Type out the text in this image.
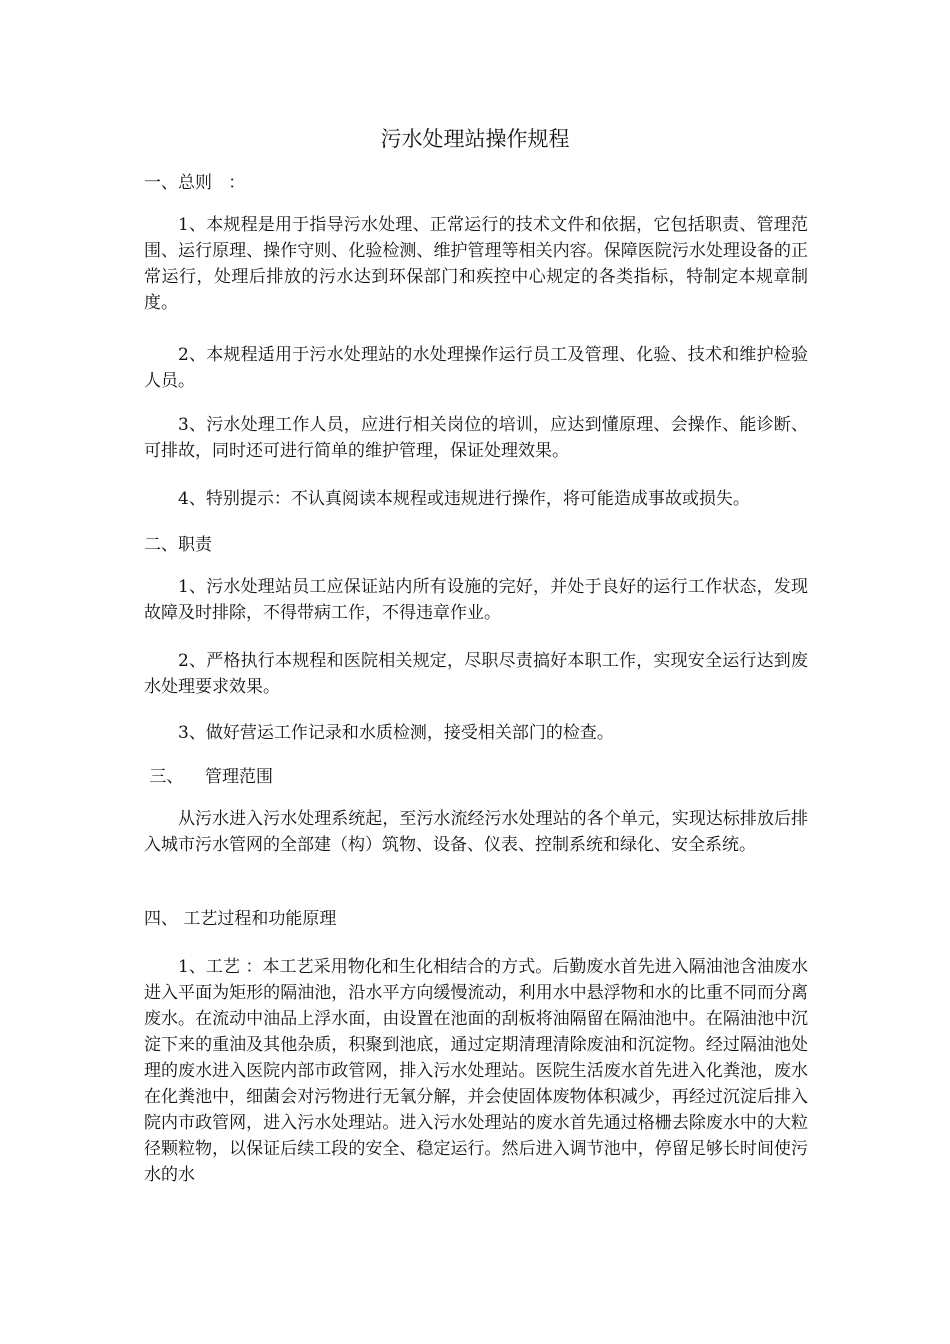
污水处理站操作规程
一、总则   ：
1、本规程是用于指导污水处理、正常运行的技术文件和依据，它包括职责、管理范围、运行原理、操作守则、化验检测、维护管理等相关内容。保障医院污水处理设备的正常运行，处理后排放的污水达到环保部门和疾控中心规定的各类指标，特制定本规章制度。
2、本规程适用于污水处理站的水处理操作运行员工及管理、化验、技术和维护检验人员。
3、污水处理工作人员，应进行相关岗位的培训，应达到懂原理、会操作、能诊断、可排故，同时还可进行简单的维护管理，保证处理效果。
4、特别提示：不认真阅读本规程或违规进行操作，将可能造成事故或损失。
二、职责
1、污水处理站员工应保证站内所有设施的完好，并处于良好的运行工作状态，发现故障及时排除，不得带病工作，不得违章作业。
2、严格执行本规程和医院相关规定，尽职尽责搞好本职工作，实现安全运行达到废水处理要求效果。
3、做好营运工作记录和水质检测，接受相关部门的检查。
三、    管理范围
从污水进入污水处理系统起，至污水流经污水处理站的各个单元，实现达标排放后排入城市污水管网的全部建（构）筑物、设备、仪表、控制系统和绿化、安全系统。
四、 工艺过程和功能原理
1、工艺 ：本工艺采用物化和生化相结合的方式。后勤废水首先进入隔油池含油废水进入平面为矩形的隔油池，沿水平方向缓慢流动，利用水中悬浮物和水的比重不同而分离废水。在流动中油品上浮水面，由设置在池面的刮板将油隔留在隔油池中。在隔油池中沉淀下来的重油及其他杂质，积聚到池底，通过定期清理清除废油和沉淀物。经过隔油池处理的废水进入医院内部市政管网，排入污水处理站。医院生活废水首先进入化粪池，废水在化粪池中，细菌会对污物进行无氧分解，并会使固体废物体积减少，再经过沉淀后排入院内市政管网，进入污水处理站。进入污水处理站的废水首先通过格栅去除废水中的大粒径颗粒物，以保证后续工段的安全、稳定运行。然后进入调节池中，停留足够长时间使污水的水
